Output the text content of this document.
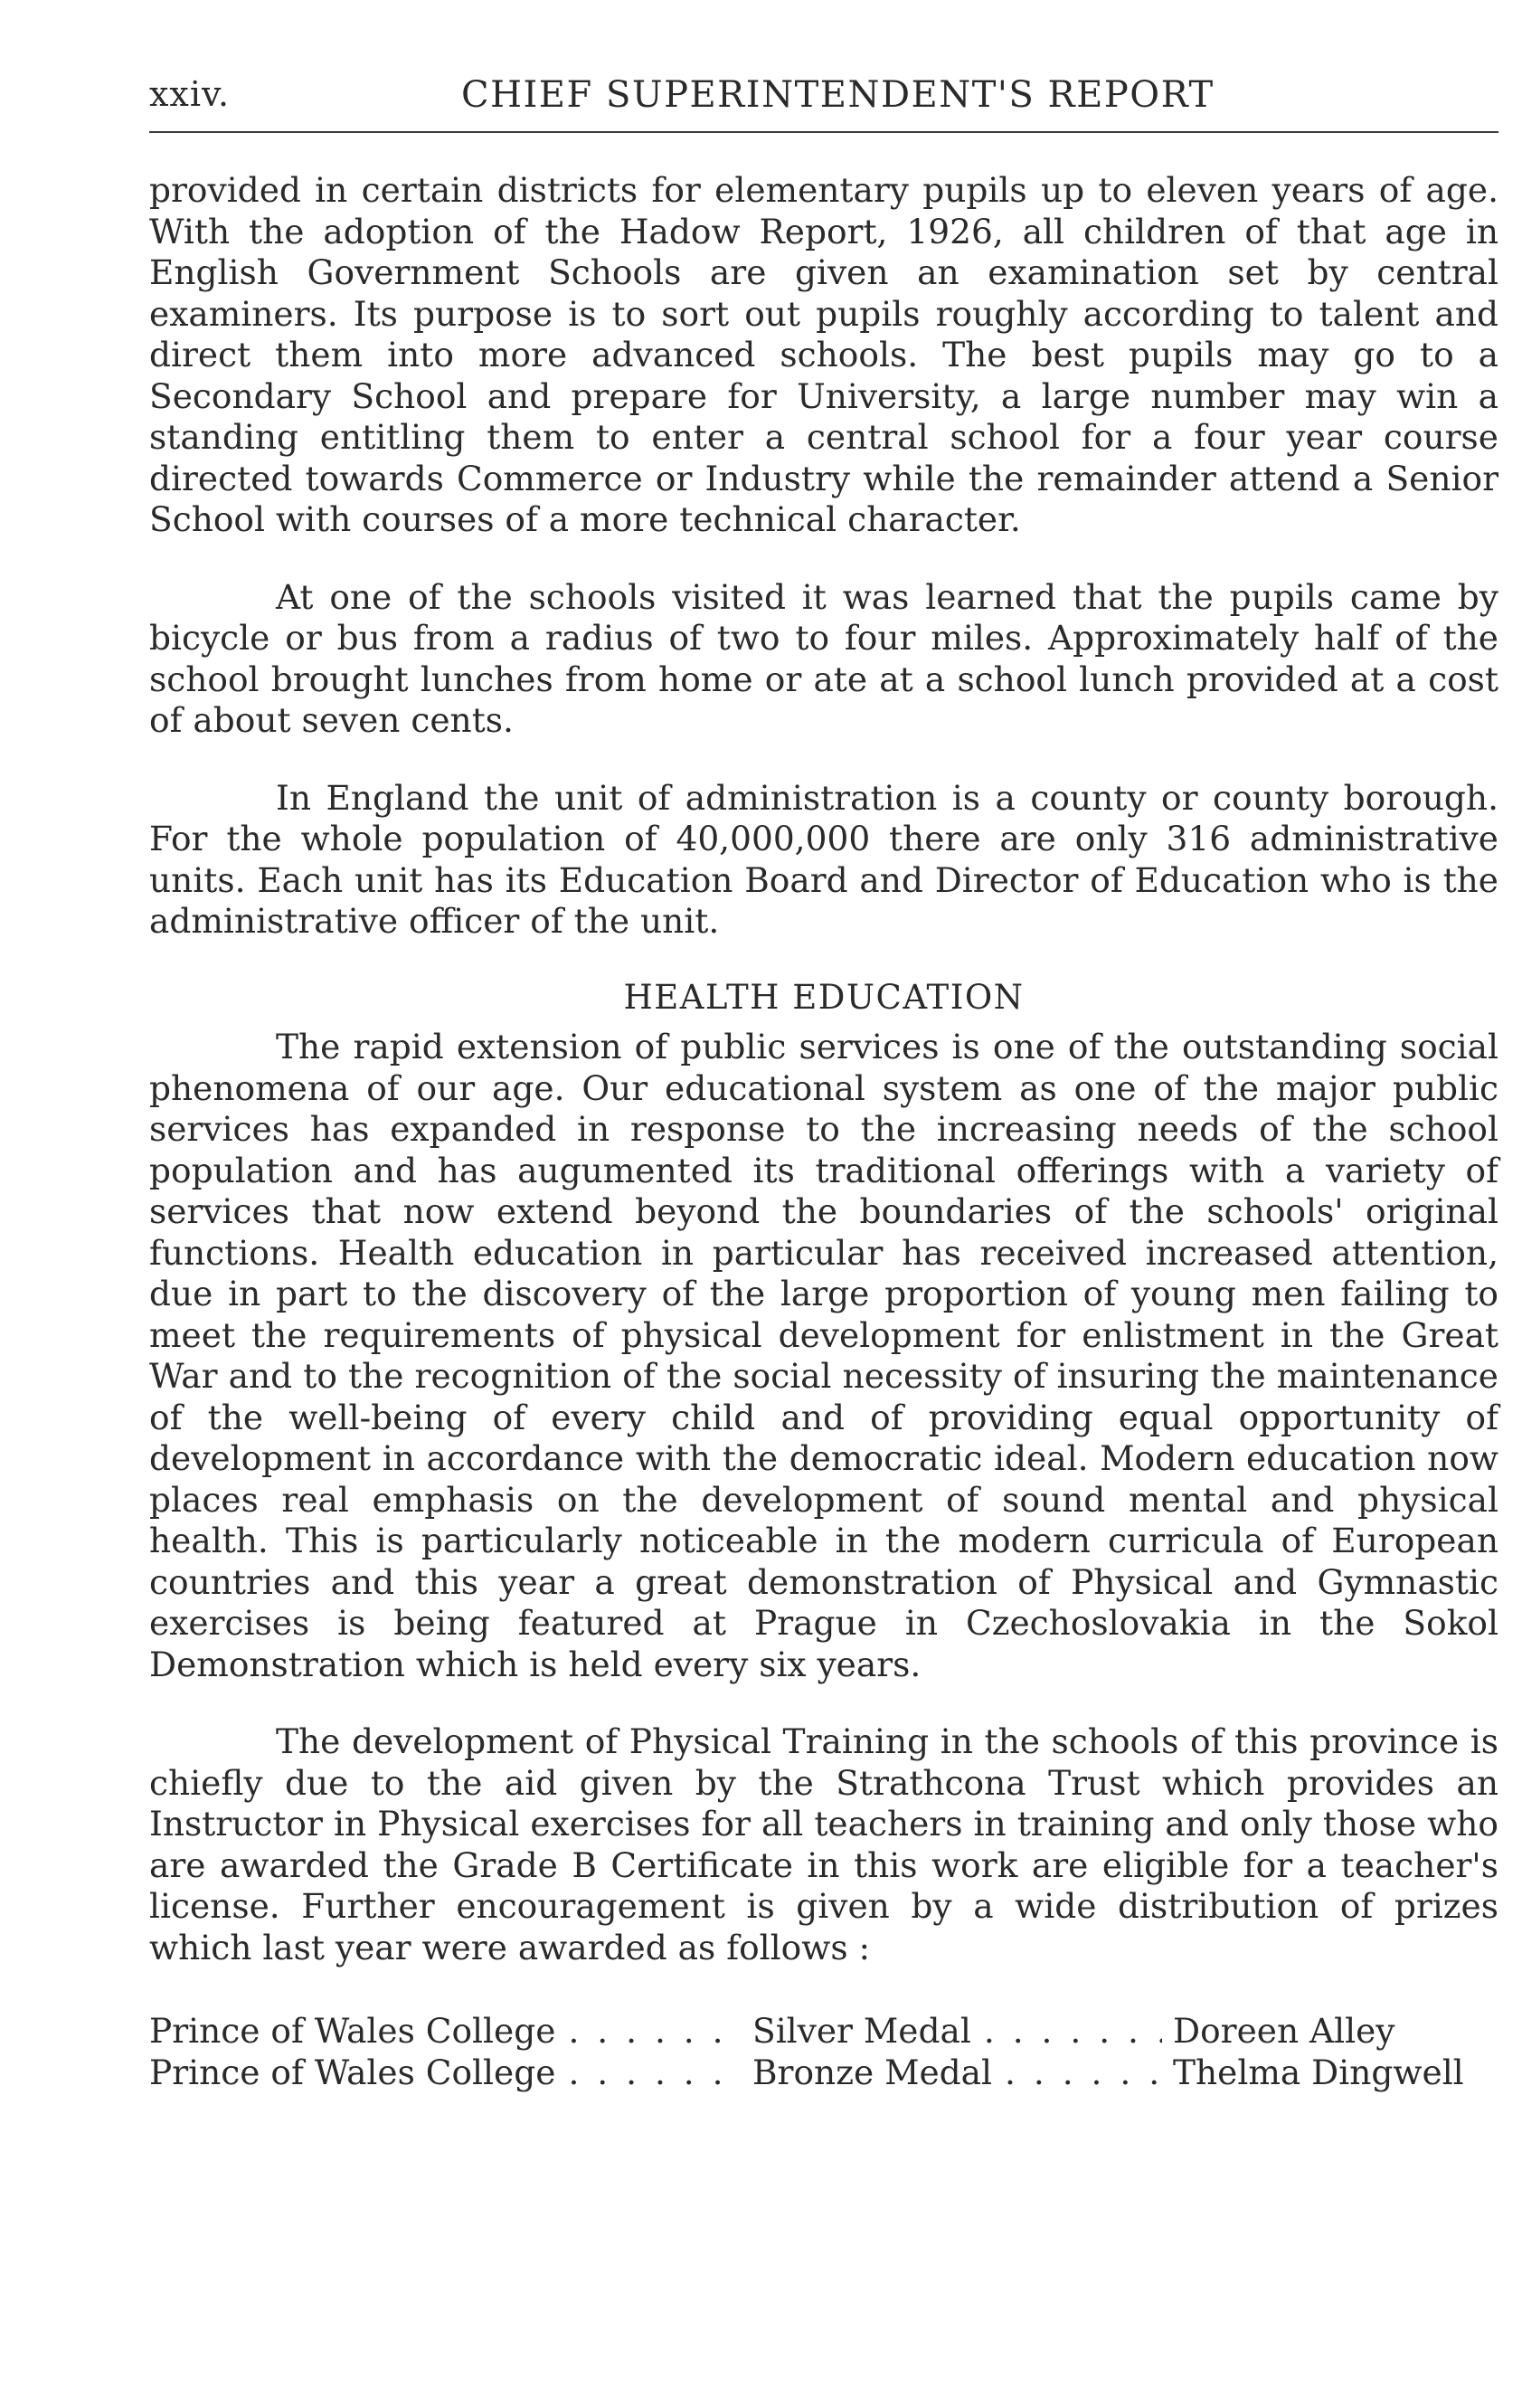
xxiv.	CHIEF SUPERINTENDENT'S REPORT

provided in certain districts for elementary pupils up to eleven years of age. With the adoption of the Hadow Report, 1926, all children of that age in English Government Schools are given an examination set by central examiners. Its purpose is to sort out pupils roughly according to talent and direct them into more advanced schools. The best pupils may go to a Secondary School and prepare for University, a large number may win a standing entitling them to enter a central school for a four year course directed towards Commerce or Industry while the remainder attend a Senior School with courses of a more technical character.

At one of the schools visited it was learned that the pupils came by bicycle or bus from a radius of two to four miles. Approximately half of the school brought lunches from home or ate at a school lunch provided at a cost of about seven cents.

In England the unit of administration is a county or county borough. For the whole population of 40,000,000 there are only 316 administrative units. Each unit has its Education Board and Director of Education who is the administrative officer of the unit.

HEALTH EDUCATION

The rapid extension of public services is one of the outstanding social phenomena of our age. Our educational system as one of the major public services has expanded in response to the increasing needs of the school population and has augumented its traditional offerings with a variety of services that now extend beyond the boundaries of the schools' original functions. Health education in particular has received increased attention, due in part to the discovery of the large proportion of young men failing to meet the requirements of physical development for enlistment in the Great War and to the recognition of the social necessity of insuring the maintenance of the well-being of every child and of providing equal opportunity of development in accordance with the democratic ideal. Modern education now places real emphasis on the development of sound mental and physical health. This is particularly noticeable in the modern curricula of European countries and this year a great demonstration of Physical and Gymnastic exercises is being featured at Prague in Czechoslovakia in the Sokol Demonstration which is held every six years.

The development of Physical Training in the schools of this province is chiefly due to the aid given by the Strathcona Trust which provides an Instructor in Physical exercises for all teachers in training and only those who are awarded the Grade B Certificate in this work are eligible for a teacher's license. Further encouragement is given by a wide distribution of prizes which last year were awarded as follows :

Prince of Wales College . . .	Silver Medal . . .	Doreen Alley
Prince of Wales College . . .	Bronze Medal . . .	Thelma Dingwell
